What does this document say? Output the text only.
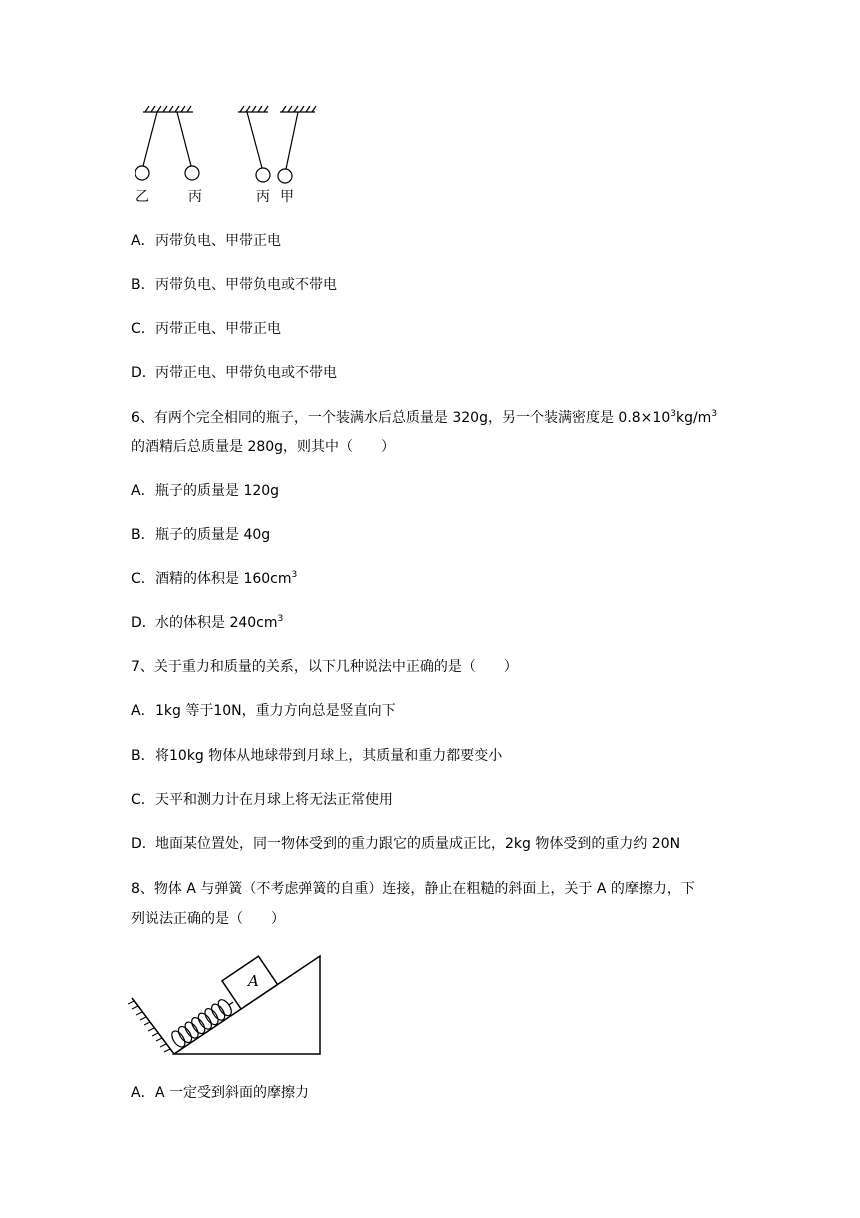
乙	丙	丙 甲
A．丙带负电、甲带正电
B．丙带负电、甲带负电或不带电
C．丙带正电、甲带正电
D．丙带正电、甲带负电或不带电
6、有两个完全相同的瓶子，一个装满水后总质量是 320g，另一个装满密度是 $0.8\times 10^3kg/m^3$
的酒精后总质量是 280g，则其中（　　）
A．瓶子的质量是 120g
B．瓶子的质量是 40g
C．酒精的体积是 $160cm^3$
D．水的体积是 $240cm^3$
7、关于重力和质量的关系，以下几种说法中正确的是（　　）
A．1kg 等于10N，重力方向总是竖直向下
B．将10kg 物体从地球带到月球上，其质量和重力都要变小
C．天平和测力计在月球上将无法正常使用
D．地面某位置处，同一物体受到的重力跟它的质量成正比，2kg 物体受到的重力约 20N
8、物体 A 与弹簧（不考虑弹簧的自重）连接，静止在粗糙的斜面上，关于 A 的摩擦力，下
列说法正确的是（　　）
A
A．A 一定受到斜面的摩擦力
